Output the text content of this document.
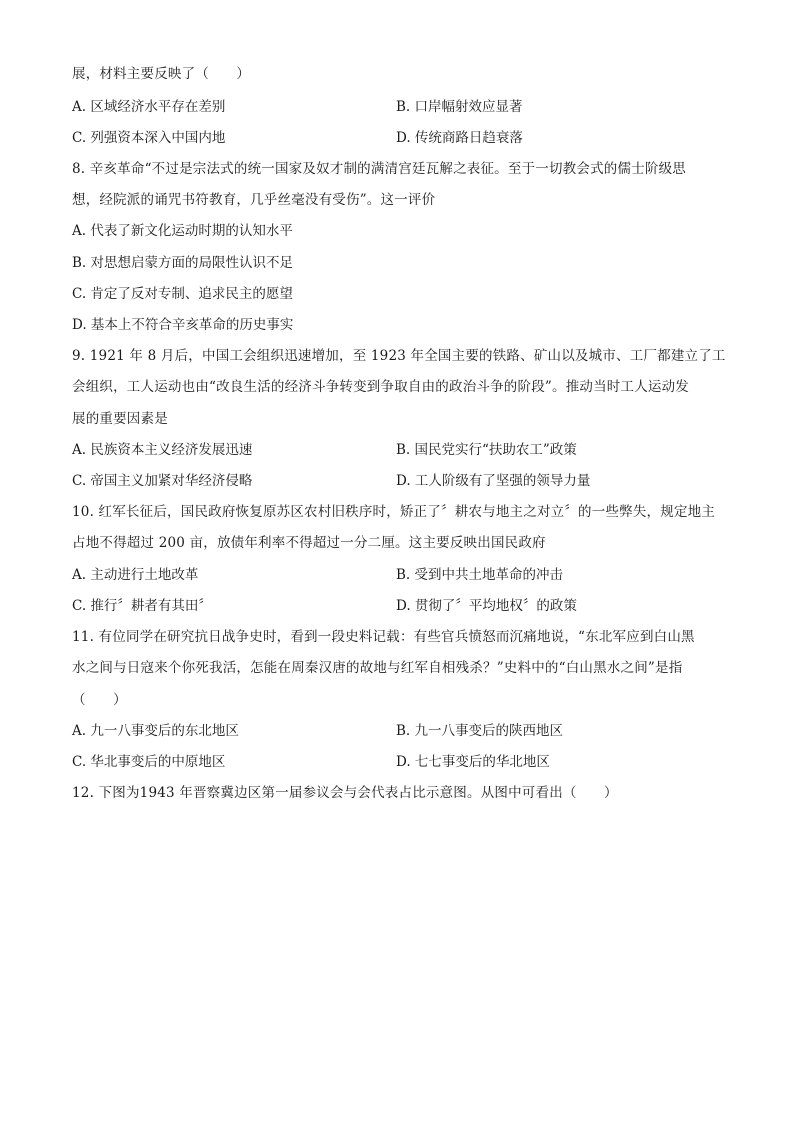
展，材料主要反映了（　　）
A. 区域经济水平存在差别	B. 口岸幅射效应显著
C. 列强资本深入中国内地	D. 传统商路日趋衰落
8. 辛亥革命“不过是宗法式的统一国家及奴才制的满清宫廷瓦解之表征。至于一切教会式的儒士阶级思
想，经院派的诵咒书符教育，几乎丝毫没有受伤”。这一评价
A. 代表了新文化运动时期的认知水平
B. 对思想启蒙方面的局限性认识不足
C. 肯定了反对专制、追求民主的愿望
D. 基本上不符合辛亥革命的历史事实
9. 1921 年 8 月后，中国工会组织迅速增加，至 1923 年全国主要的铁路、矿山以及城市、工厂都建立了工
会组织，工人运动也由“改良生活的经济斗争转变到争取自由的政治斗争的阶段”。推动当时工人运动发
展的重要因素是
A. 民族资本主义经济发展迅速	B. 国民党实行“扶助农工”政策
C. 帝国主义加紧对华经济侵略	D. 工人阶级有了坚强的领导力量
10. 红军长征后，国民政府恢复原苏区农村旧秩序时，矫正了〞耕农与地主之对立〞的一些弊失，规定地主
占地不得超过 200 亩，放债年利率不得超过一分二厘。这主要反映出国民政府
A. 主动进行土地改革	B. 受到中共土地革命的冲击
C. 推行〞耕者有其田〞	D. 贯彻了〞平均地权〞的政策
11. 有位同学在研究抗日战争史时，看到一段史料记载：有些官兵愤怒而沉痛地说，“东北军应到白山黑
水之间与日寇来个你死我活，怎能在周秦汉唐的故地与红军自相残杀？”史料中的“白山黑水之间”是指
（　　）
A. 九一八事变后的东北地区	B. 九一八事变后的陕西地区
C. 华北事变后的中原地区	D. 七七事变后的华北地区
12. 下图为1943 年晋察冀边区第一届参议会与会代表占比示意图。从图中可看出（　　）
